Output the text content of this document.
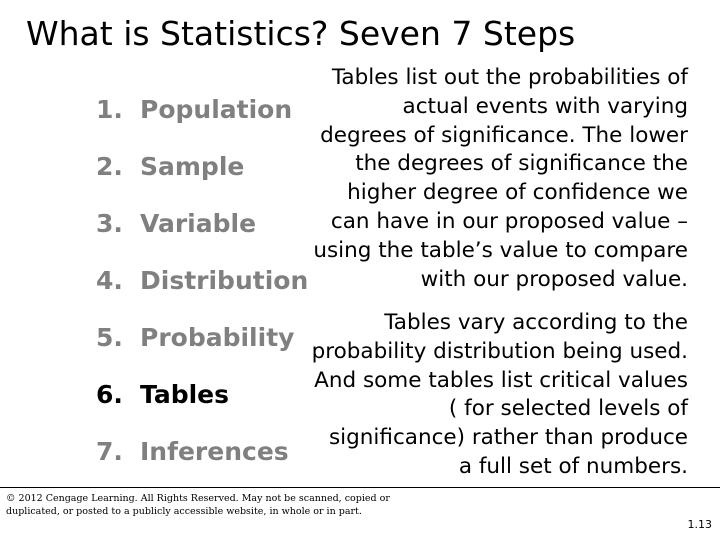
What is Statistics? Seven 7 Steps
1. Population
2. Sample
3. Variable
4. Distribution
5. Probability
6. Tables
7. Inferences
Tables list out the probabilities of
actual events with varying
degrees of significance. The lower
the degrees of significance the
higher degree of confidence we
can have in our proposed value –
using the table’s value to compare
with our proposed value.
Tables vary according to the
probability distribution being used.
And some tables list critical values
( for selected levels of
significance) rather than produce
a full set of numbers.
© 2012 Cengage Learning. All Rights Reserved. May not be scanned, copied or
duplicated, or posted to a publicly accessible website, in whole or in part.
1.13
